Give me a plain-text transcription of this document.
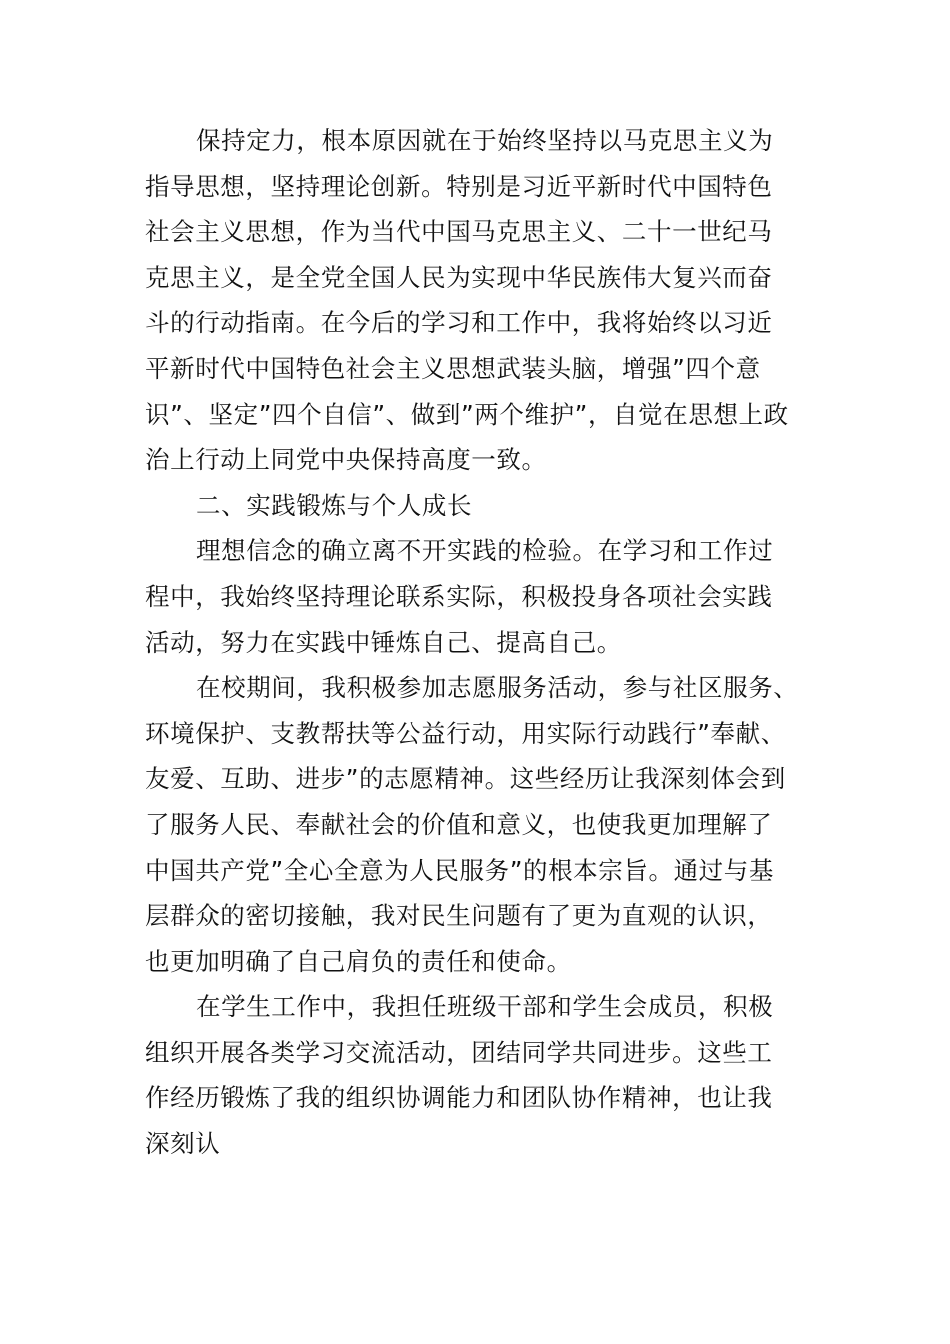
保持定力，根本原因就在于始终坚持以马克思主义为
指导思想，坚持理论创新。特别是习近平新时代中国特色
社会主义思想，作为当代中国马克思主义、二十一世纪马
克思主义，是全党全国人民为实现中华民族伟大复兴而奋
斗的行动指南。在今后的学习和工作中，我将始终以习近
平新时代中国特色社会主义思想武装头脑，增强”四个意
识”、坚定”四个自信”、做到”两个维护”，自觉在思想上政
治上行动上同党中央保持高度一致。
二、实践锻炼与个人成长
理想信念的确立离不开实践的检验。在学习和工作过
程中，我始终坚持理论联系实际，积极投身各项社会实践
活动，努力在实践中锤炼自己、提高自己。
在校期间，我积极参加志愿服务活动，参与社区服务、
环境保护、支教帮扶等公益行动，用实际行动践行”奉献、
友爱、互助、进步”的志愿精神。这些经历让我深刻体会到
了服务人民、奉献社会的价值和意义，也使我更加理解了
中国共产党”全心全意为人民服务”的根本宗旨。通过与基
层群众的密切接触，我对民生问题有了更为直观的认识，
也更加明确了自己肩负的责任和使命。
在学生工作中，我担任班级干部和学生会成员，积极
组织开展各类学习交流活动，团结同学共同进步。这些工
作经历锻炼了我的组织协调能力和团队协作精神，也让我
深刻认
